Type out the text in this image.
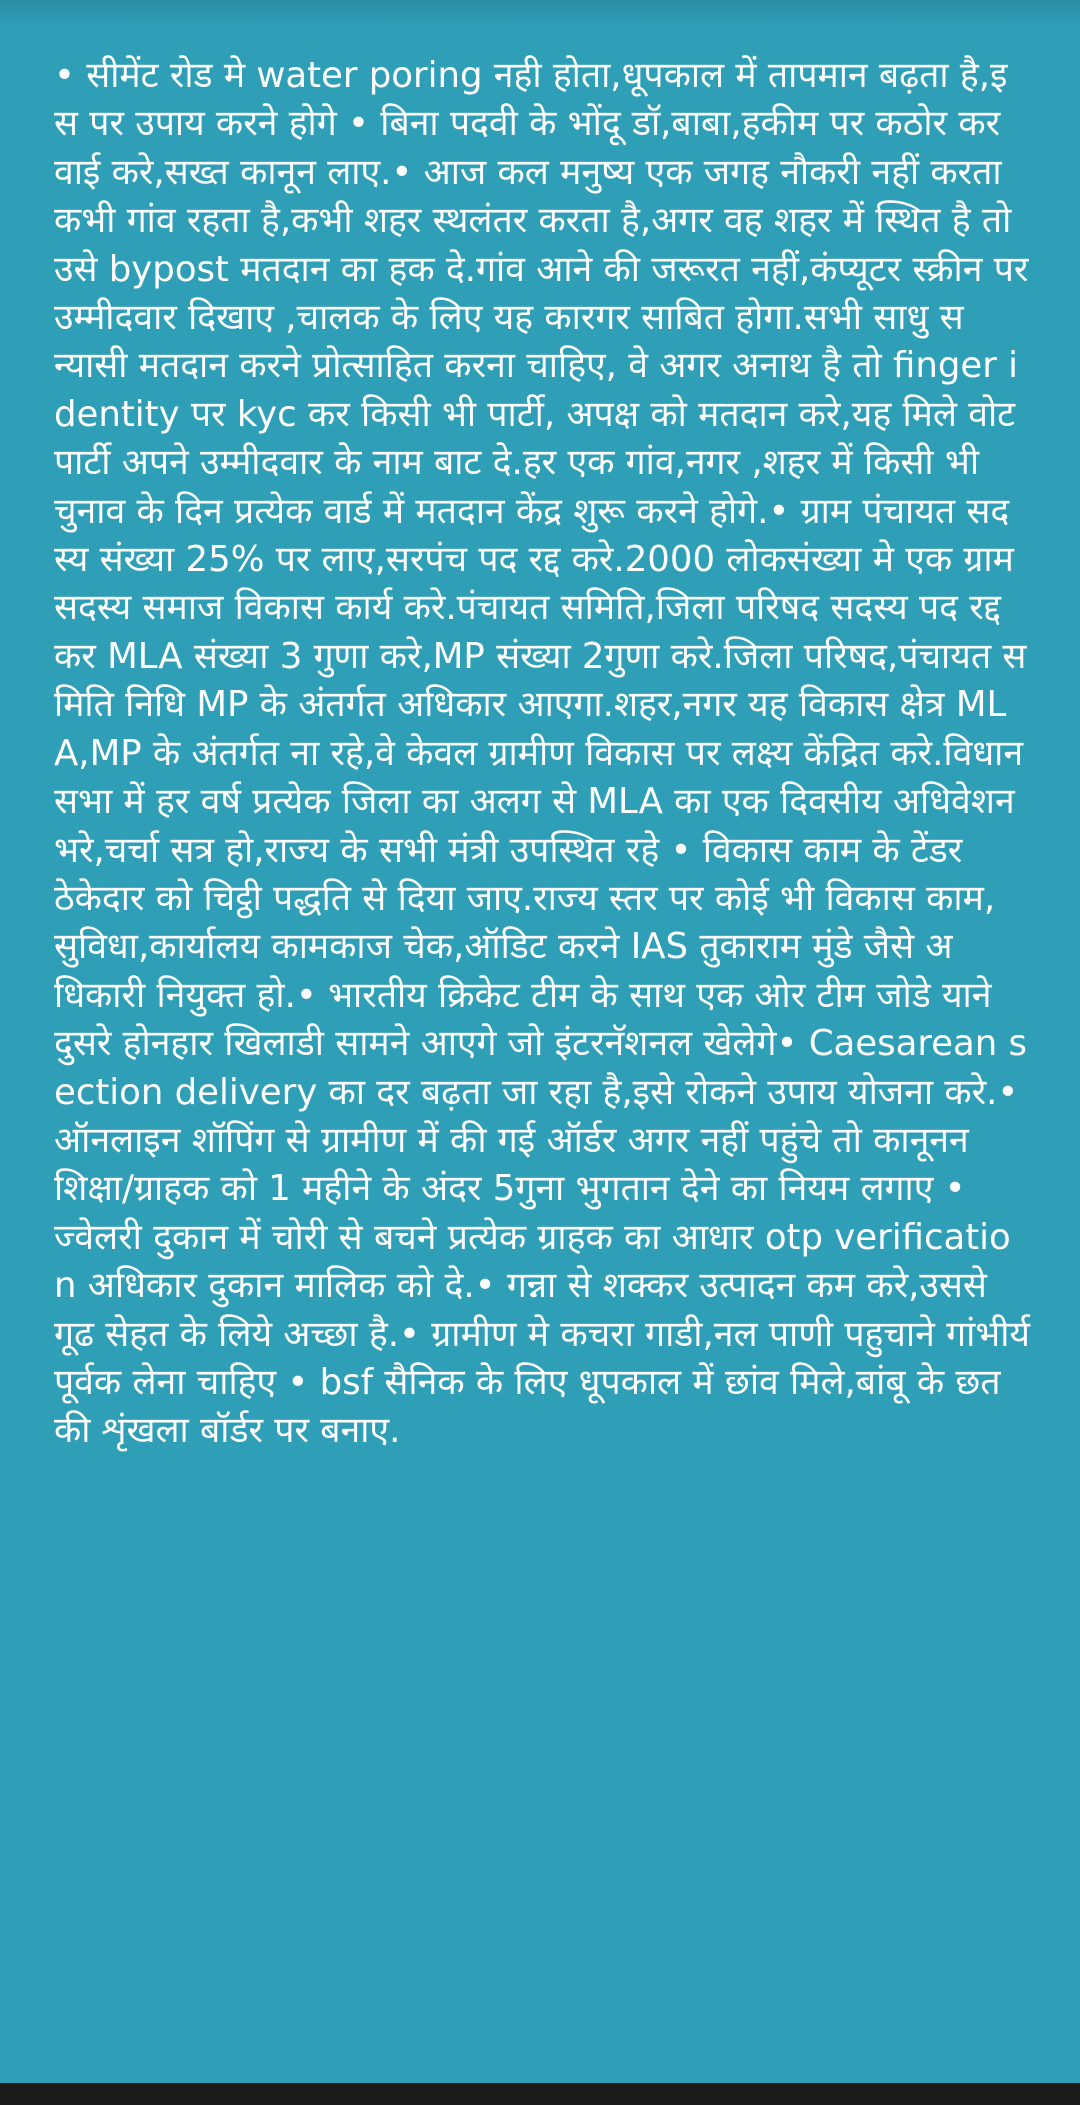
• सीमेंट रोड मे water poring नही होता,धूपकाल में तापमान बढ़ता है,इस पर उपाय करने होगे • बिना पदवी के भोंदू डॉ,बाबा,हकीम पर कठोर करवाई करे,सख्त कानून लाए.• आज कल मनुष्य एक जगह नौकरी नहीं करता कभी गांव रहता है,कभी शहर स्थलंतर करता है,अगर वह शहर में स्थित है तो उसे bypost मतदान का हक दे.गांव आने की जरूरत नहीं,कंप्यूटर स्क्रीन पर उम्मीदवार दिखाए ,चालक के लिए यह कारगर साबित होगा.सभी साधु सन्यासी मतदान करने प्रोत्साहित करना चाहिए, वे अगर अनाथ है तो finger identity पर kyc कर किसी भी पार्टी, अपक्ष को मतदान करे,यह मिले वोट पार्टी अपने उम्मीदवार के नाम बाट दे.हर एक गांव,नगर ,शहर में किसी भी चुनाव के दिन प्रत्येक वार्ड में मतदान केंद्र शुरू करने होगे.• ग्राम पंचायत सदस्य संख्या 25% पर लाए,सरपंच पद रद्द करे.2000 लोकसंख्या मे एक ग्राम सदस्य समाज विकास कार्य करे.पंचायत समिति,जिला परिषद सदस्य पद रद्द कर MLA संख्या 3 गुणा करे,MP संख्या 2गुणा करे.जिला परिषद,पंचायत समिति निधि MP के अंतर्गत अधिकार आएगा.शहर,नगर यह विकास क्षेत्र MLA,MP के अंतर्गत ना रहे,वे केवल ग्रामीण विकास पर लक्ष्य केंद्रित करे.विधानसभा में हर वर्ष प्रत्येक जिला का अलग से MLA का एक दिवसीय अधिवेशन भरे,चर्चा सत्र हो,राज्य के सभी मंत्री उपस्थित रहे • विकास काम के टेंडर ठेकेदार को चिट्ठी पद्धति से दिया जाए.राज्य स्तर पर कोई भी विकास काम,सुविधा,कार्यालय कामकाज चेक,ऑडिट करने IAS तुकाराम मुंडे जैसे अधिकारी नियुक्त हो.• भारतीय क्रिकेट टीम के साथ एक ओर टीम जोडे याने दुसरे होनहार खिलाडी सामने आएगे जो इंटरनॅशनल खेलेगे• Caesarean section delivery का दर बढ़ता जा रहा है,इसे रोकने उपाय योजना करे.• ऑनलाइन शॉपिंग से ग्रामीण में की गई ऑर्डर अगर नहीं पहुंचे तो कानूनन शिक्षा/ग्राहक को 1 महीने के अंदर 5गुना भुगतान देने का नियम लगाए • ज्वेलरी दुकान में चोरी से बचने प्रत्येक ग्राहक का आधार otp verification अधिकार दुकान मालिक को दे.• गन्ना से शक्कर उत्पादन कम करे,उससे गूढ सेहत के लिये अच्छा है.• ग्रामीण मे कचरा गाडी,नल पाणी पहुचाने गांभीर्य पूर्वक लेना चाहिए • bsf सैनिक के लिए धूपकाल में छांव मिले,बांबू के छत की शृंखला बॉर्डर पर बनाए.
